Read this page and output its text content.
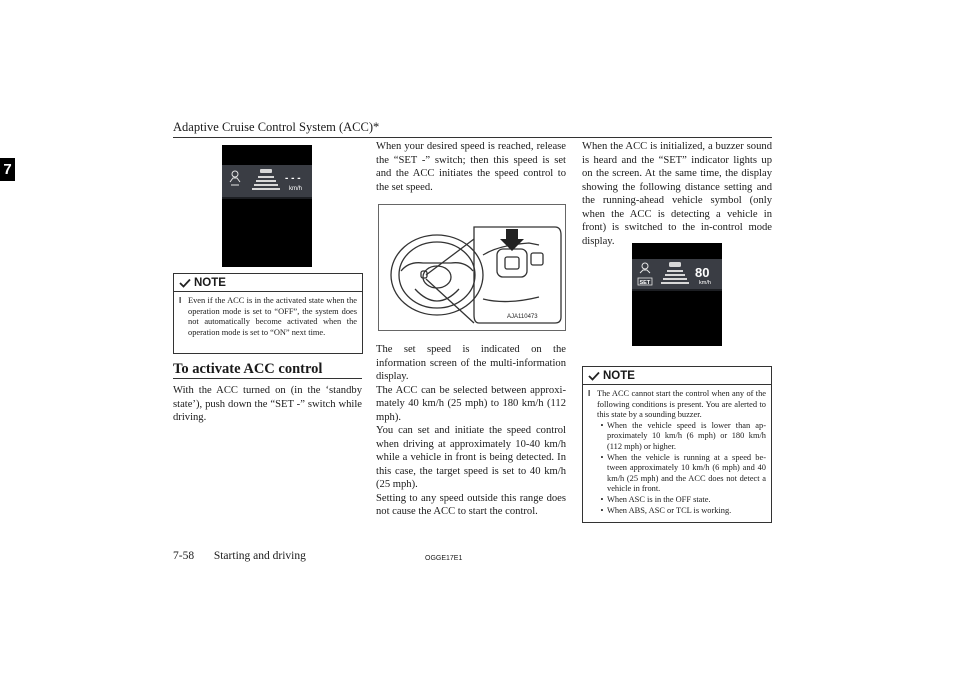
Adaptive Cruise Control System (ACC)*
7
- - -
km/h
NOTE
l Even if the ACC is in the activated state when the operation mode is set to “OFF”, the system does not automatically become activated when the operation mode is set to “ON” next time.
To activate ACC control

With the ACC turned on (in the ‘standby state’), push down the “SET -” switch while driving.

When your desired speed is reached, release the “SET -” switch; then this speed is set and the ACC initiates the speed control to the set speed.

AJA110473

The set speed is indicated on the information screen of the multi-information display.

The ACC can be selected between approxi-mately 40 km/h (25 mph) to 180 km/h (112 mph).

You can set and initiate the speed control when driving at approximately 10-40 km/h while a vehicle in front is being detected. In this case, the target speed is set to 40 km/h (25 mph).

Setting to any speed outside this range does not cause the ACC to start the control.

When the ACC is initialized, a buzzer sound is heard and the “SET” indicator lights up on the screen. At the same time, the display showing the following distance setting and the running-ahead vehicle symbol (only when the ACC is detecting a vehicle in front) is switched to the in-control mode display.

SET
80
km/h
NOTE
l The ACC cannot start the control when any of the following conditions is present. You are alerted to this state by a sounding buzzer.
• When the vehicle speed is lower than ap-proximately 10 km/h (6 mph) or 180 km/h (112 mph) or higher.
• When the vehicle is running at a speed be-tween approximately 10 km/h (6 mph) and 40 km/h (25 mph) and the ACC does not detect a vehicle in front.
• When ASC is in the OFF state.
• When ABS, ASC or TCL is working.
7-58 Starting and driving	OGGE17E1
